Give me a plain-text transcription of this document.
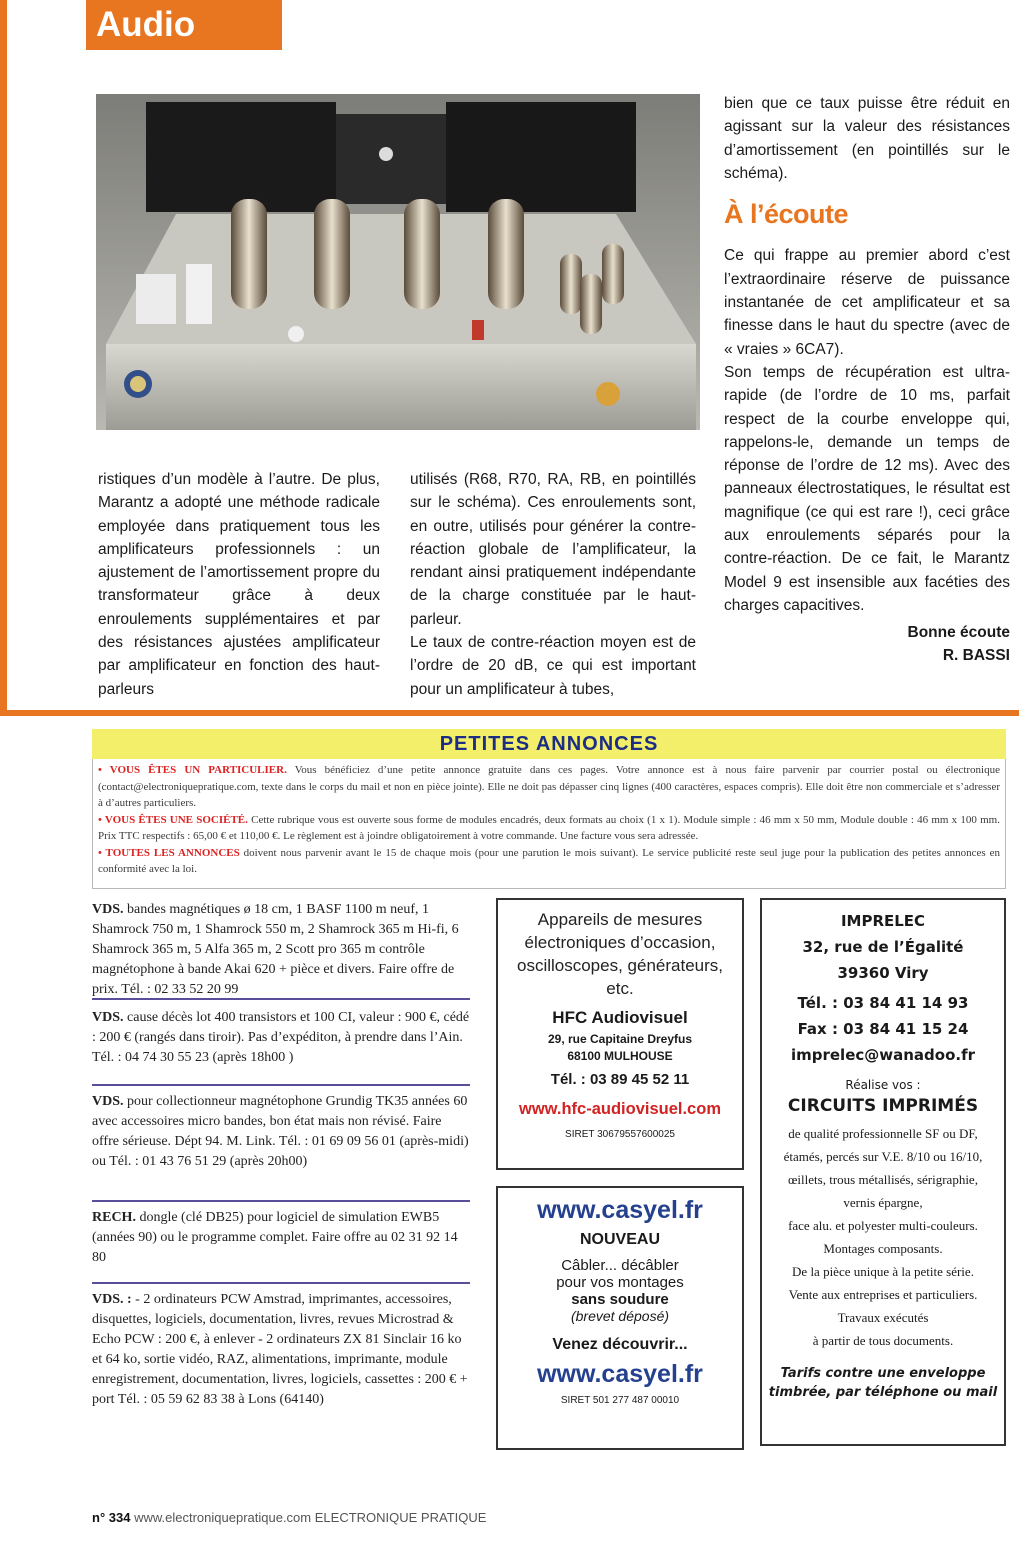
Audio

ristiques d’un modèle à l’autre. De plus, Marantz a adopté une méthode radicale employée dans pratiquement tous les amplificateurs professionnels : un ajustement de l’amortissement propre du transformateur grâce à deux enroulements supplémentaires et par des résistances ajustées amplificateur par amplificateur en fonction des haut-parleurs

utilisés (R68, R70, RA, RB, en pointillés sur le schéma). Ces enroulements sont, en outre, utilisés pour générer la contre-réaction globale de l’amplificateur, la rendant ainsi pratiquement indépendante de la charge constituée par le haut-parleur.

Le taux de contre-réaction moyen est de l’ordre de 20 dB, ce qui est important pour un amplificateur à tubes,

bien que ce taux puisse être réduit en agissant sur la valeur des résistances d’amortissement (en pointillés sur le schéma).

À l’écoute

Ce qui frappe au premier abord c’est l’extraordinaire réserve de puissance instantanée de cet amplificateur et sa finesse dans le haut du spectre (avec de « vraies » 6CA7).

Son temps de récupération est ultra-rapide (de l’ordre de 10 ms, parfait respect de la courbe enveloppe qui, rappelons-le, demande un temps de réponse de l’ordre de 12 ms). Avec des panneaux électrostatiques, le résultat est magnifique (ce qui est rare !), ceci grâce aux enroulements séparés pour la contre-réaction. De ce fait, le Marantz Model 9 est insensible aux facéties des charges capacitives.

Bonne écoute
R. BASSI
PETITES ANNONCES

• VOUS ÊTES UN PARTICULIER. Vous bénéficiez d’une petite annonce gratuite dans ces pages. Votre annonce est à nous faire parvenir par courrier postal ou électronique (contact@electroniquepratique.com, texte dans le corps du mail et non en pièce jointe). Elle ne doit pas dépasser cinq lignes (400 caractères, espaces compris). Elle doit être non commerciale et s’adresser à d’autres particuliers.

• VOUS ÊTES UNE SOCIÉTÉ. Cette rubrique vous est ouverte sous forme de modules encadrés, deux formats au choix (1 x 1). Module simple : 46 mm x 50 mm, Module double : 46 mm x 100 mm. Prix TTC respectifs : 65,00 € et 110,00 €. Le règlement est à joindre obligatoirement à votre commande. Une facture vous sera adressée.

• TOUTES LES ANNONCES doivent nous parvenir avant le 15 de chaque mois (pour une parution le mois suivant). Le service publicité reste seul juge pour la publication des petites annonces en conformité avec la loi.

VDS. bandes magnétiques ø 18 cm, 1 BASF 1100 m neuf, 1 Shamrock 750 m, 1 Shamrock 550 m, 2 Shamrock 365 m Hi-fi, 6 Shamrock 365 m, 5 Alfa 365 m, 2 Scott pro 365 m contrôle magnétophone à bande Akai 620 + pièce et divers. Faire offre de prix. Tél. : 02 33 52 20 99
VDS. cause décès lot 400 transistors et 100 CI, valeur : 900 €, cédé : 200 € (rangés dans tiroir). Pas d’expéditon, à prendre dans l’Ain. Tél. : 04 74 30 55 23 (après 18h00 )
VDS. pour collectionneur magnétophone Grundig TK35 années 60 avec accessoires micro bandes, bon état mais non révisé. Faire offre sérieuse. Dépt 94. M. Link. Tél. : 01 69 09 56 01 (après-midi) ou Tél. : 01 43 76 51 29 (après 20h00)
RECH. dongle (clé DB25) pour logiciel de simulation EWB5 (années 90) ou le programme complet. Faire offre au 02 31 92 14 80
VDS. : - 2 ordinateurs PCW Amstrad, imprimantes, accessoires, disquettes, logiciels, documentation, livres, revues Microstrad & Echo PCW : 200 €, à enlever - 2 ordinateurs ZX 81 Sinclair 16 ko et 64 ko, sortie vidéo, RAZ, alimentations, imprimante, module enregistrement, documentation, livres, logiciels, cassettes : 200 € + port Tél. : 05 59 62 83 38 à Lons (64140)
Appareils de mesures
électroniques d’occasion,
oscilloscopes, générateurs,
etc.
HFC Audiovisuel
29, rue Capitaine Dreyfus
68100 MULHOUSE
Tél. : 03 89 45 52 11
www.hfc-audiovisuel.com
SIRET 30679557600025
www.casyel.fr
NOUVEAU
Câbler... décâbler
pour vos montages
sans soudure
(brevet déposé)
Venez découvrir...
www.casyel.fr
SIRET 501 277 487 00010
IMPRELEC
32, rue de l’Égalité
39360 Viry
Tél. : 03 84 41 14 93
Fax : 03 84 41 15 24
imprelec@wanadoo.fr
Réalise vos :
CIRCUITS IMPRIMÉS
de qualité professionnelle SF ou DF,
étamés, percés sur V.E. 8/10 ou 16/10,
œillets, trous métallisés, sérigraphie,
vernis épargne,
face alu. et polyester multi-couleurs.
Montages composants.
De la pièce unique à la petite série.
Vente aux entreprises et particuliers.
Travaux exécutés
à partir de tous documents.
Tarifs contre une enveloppe
timbrée, par téléphone ou mail
n° 334 www.electroniquepratique.com ELECTRONIQUE PRATIQUE
